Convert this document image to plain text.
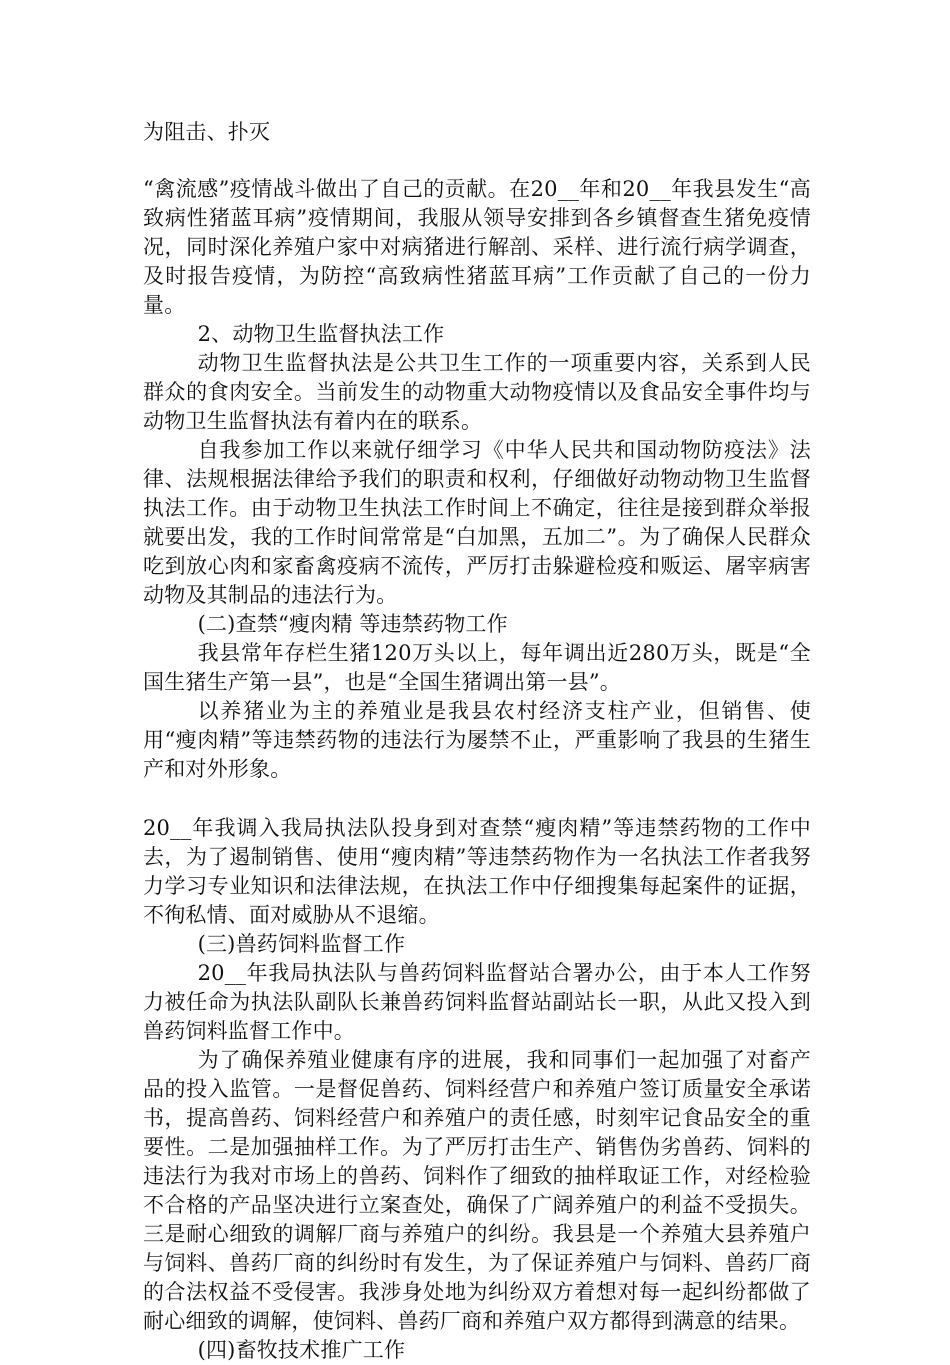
为阻击、扑灭

“禽流感”疫情战斗做出了自己的贡献。在20__年和20__年我县发生“高致病性猪蓝耳病”疫情期间，我服从领导安排到各乡镇督查生猪免疫情况，同时深化养殖户家中对病猪进行解剖、采样、进行流行病学调查，及时报告疫情，为防控“高致病性猪蓝耳病”工作贡献了自己的一份力量。

2、动物卫生监督执法工作

动物卫生监督执法是公共卫生工作的一项重要内容，关系到人民群众的食肉安全。当前发生的动物重大动物疫情以及食品安全事件均与动物卫生监督执法有着内在的联系。

自我参加工作以来就仔细学习《中华人民共和国动物防疫法》法律、法规根据法律给予我们的职责和权利，仔细做好动物动物卫生监督执法工作。由于动物卫生执法工作时间上不确定，往往是接到群众举报就要出发，我的工作时间常常是“白加黑，五加二”。为了确保人民群众吃到放心肉和家畜禽疫病不流传，严厉打击躲避检疫和贩运、屠宰病害动物及其制品的违法行为。

(二)查禁“瘦肉精 等违禁药物工作

我县常年存栏生猪120万头以上，每年调出近280万头，既是“全国生猪生产第一县”，也是“全国生猪调出第一县”。

以养猪业为主的养殖业是我县农村经济支柱产业，但销售、使用“瘦肉精”等违禁药物的违法行为屡禁不止，严重影响了我县的生猪生产和对外形象。

20__年我调入我局执法队投身到对查禁“瘦肉精”等违禁药物的工作中去，为了遏制销售、使用“瘦肉精”等违禁药物作为一名执法工作者我努力学习专业知识和法律法规，在执法工作中仔细搜集每起案件的证据，不徇私情、面对威胁从不退缩。

(三)兽药饲料监督工作

20__年我局执法队与兽药饲料监督站合署办公，由于本人工作努力被任命为执法队副队长兼兽药饲料监督站副站长一职，从此又投入到兽药饲料监督工作中。

为了确保养殖业健康有序的进展，我和同事们一起加强了对畜产品的投入监管。一是督促兽药、饲料经营户和养殖户签订质量安全承诺书，提高兽药、饲料经营户和养殖户的责任感，时刻牢记食品安全的重要性。二是加强抽样工作。为了严厉打击生产、销售伪劣兽药、饲料的违法行为我对市场上的兽药、饲料作了细致的抽样取证工作，对经检验不合格的产品坚决进行立案查处，确保了广阔养殖户的利益不受损失。三是耐心细致的调解厂商与养殖户的纠纷。我县是一个养殖大县养殖户与饲料、兽药厂商的纠纷时有发生，为了保证养殖户与饲料、兽药厂商的合法权益不受侵害。我涉身处地为纠纷双方着想对每一起纠纷都做了耐心细致的调解，使饲料、兽药厂商和养殖户双方都得到满意的结果。

(四)畜牧技术推广工作
